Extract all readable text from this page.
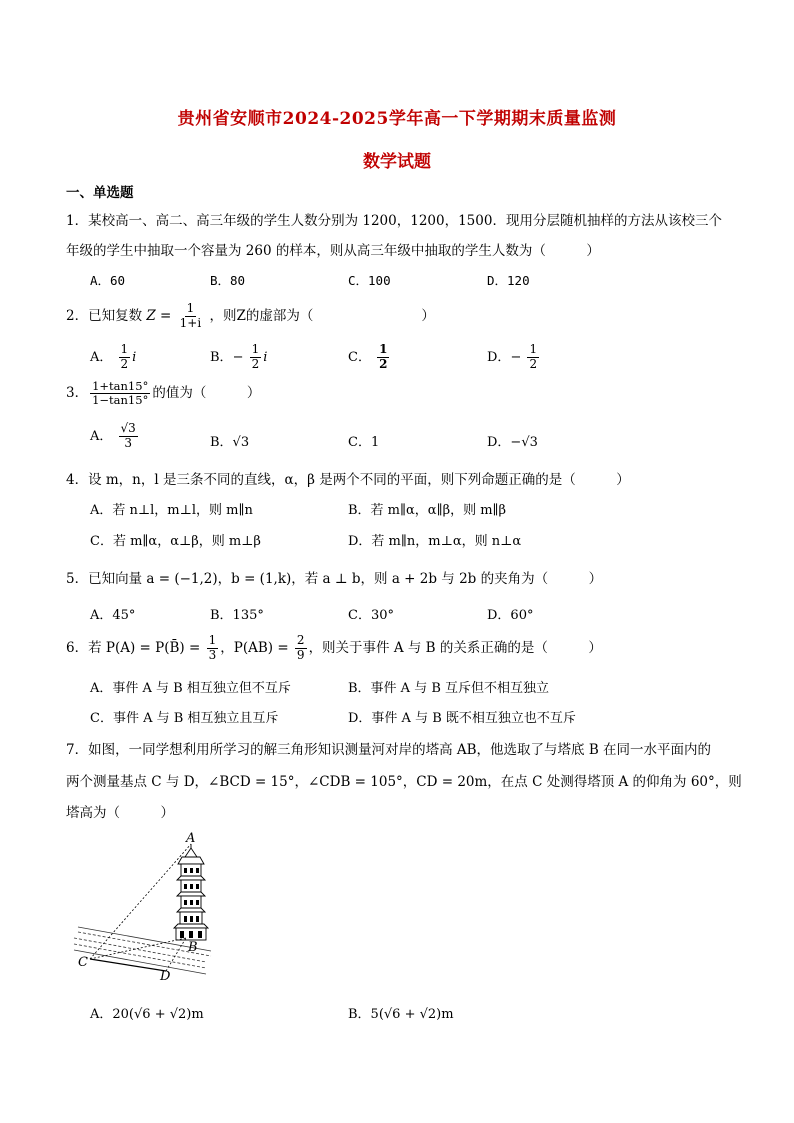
贵州省安顺市2024-2025学年高一下学期期末质量监测
数学试题
一、单选题
1．某校高一、高二、高三年级的学生人数分别为 1200，1200，1500．现用分层随机抽样的方法从该校三个
年级的学生中抽取一个容量为 260 的样本，则从高三年级中抽取的学生人数为（　　　）
A．60	B．80	C．100	D．120
2．已知复数 $Z = \frac{1}{1+i}$ ，则Z的虚部为（　　　　　　　　）
A． $\frac{1}{2}$ i	B．− $\frac{1}{2}$ i	C． $\frac{1}{2}$	D．− $\frac{1}{2}$
3． $\frac{1+\tan 15^\circ}{1-\tan 15^\circ}$ 的值为（　　　）
A． $\frac{√3}{3}$	B．√3	C．1	D．−√3
4．设 m，n，l 是三条不同的直线，α，β 是两个不同的平面，则下列命题正确的是（　　　）
A．若 n⊥l，m⊥l，则 m∥n	B．若 m∥α，α∥β，则 m∥β
C．若 m∥α，α⊥β，则 m⊥β	D．若 m∥n，m⊥α，则 n⊥α
5．已知向量 a = (−1,2)，b = (1,k)，若 a ⊥ b，则 a + 2b 与 2b 的夹角为（　　　）
A．45°	B．135°	C．30°	D．60°
6．若 P(A) = P(B̄) = $\frac{1}{3}$ ，$P(AB) = \frac{2}{9}$ ，则关于事件 A 与 B 的关系正确的是（　　　）
A．事件 A 与 B 相互独立但不互斥	B．事件 A 与 B 互斥但不相互独立
C．事件 A 与 B 相互独立且互斥	D．事件 A 与 B 既不相互独立也不互斥
7．如图，一同学想利用所学习的解三角形知识测量河对岸的塔高 AB，他选取了与塔底 B 在同一水平面内的
两个测量基点 C 与 D，∠BCD = 15°，∠CDB = 105°，CD = 20m，在点 C 处测得塔顶 A 的仰角为 60°，则
塔高为（　　　）
A
B
C
D
A．20(√6 + √2)m	B．5(√6 + √2)m
